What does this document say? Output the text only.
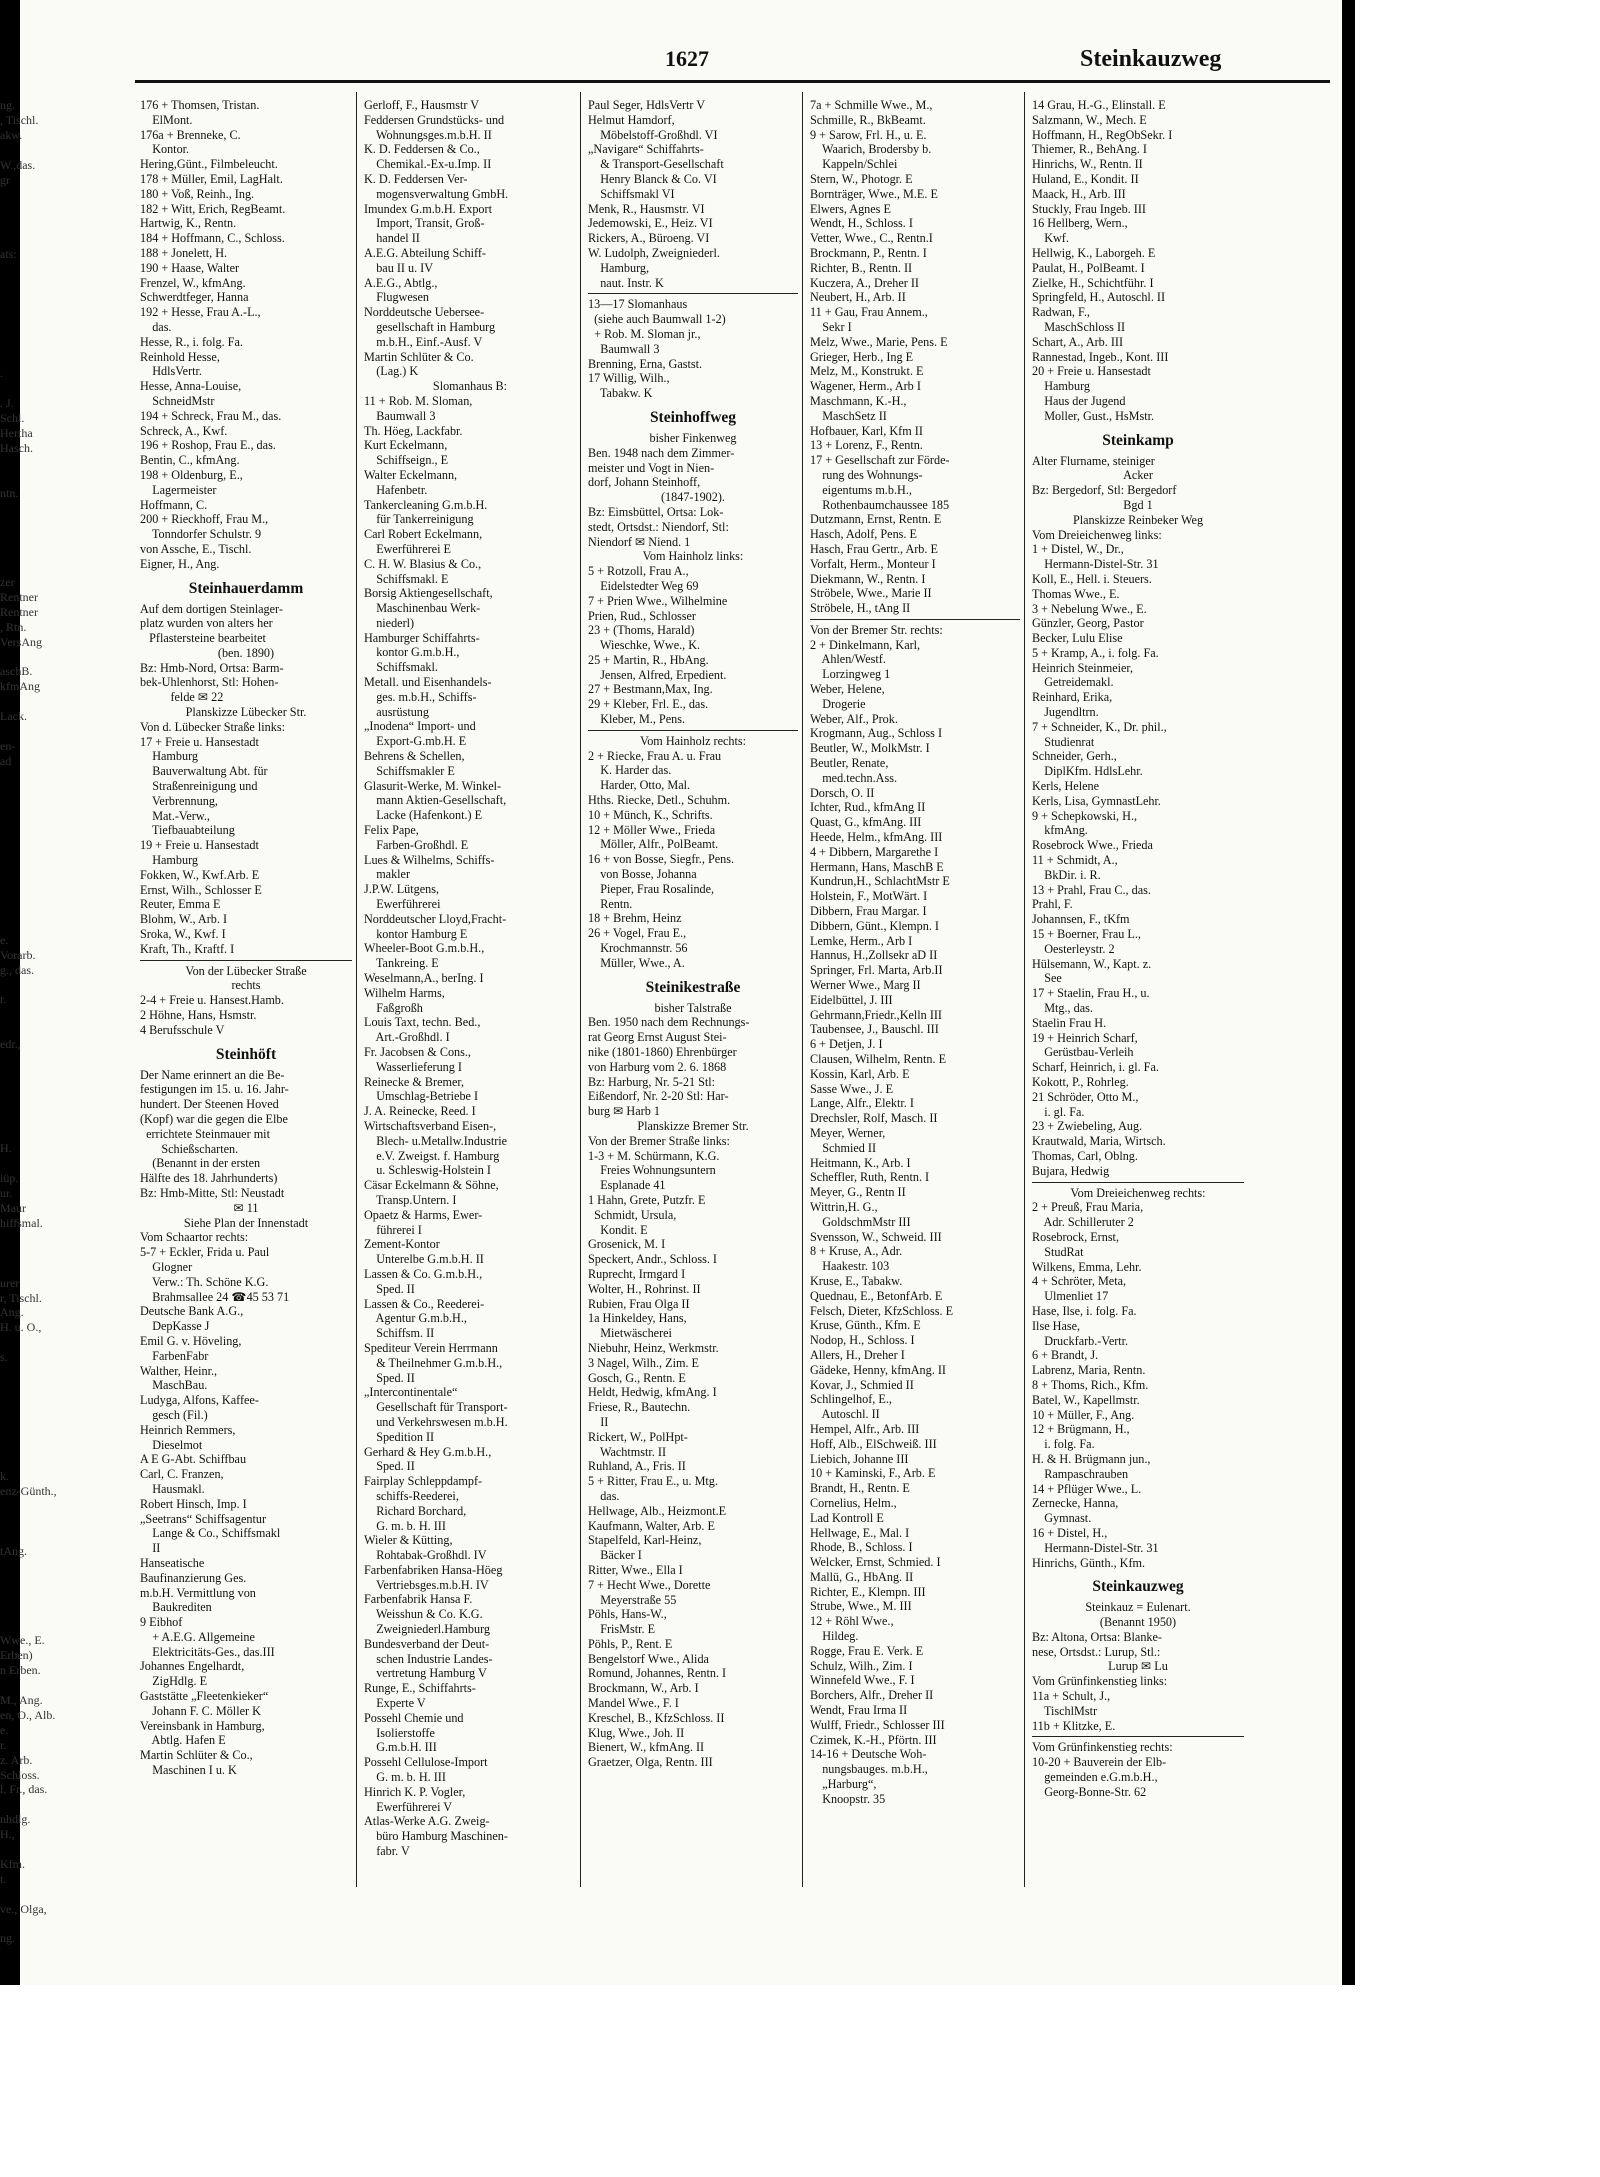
1627	Steinkauzweg
ng.
, Tischl.
akw.

W.,das.
gr

ats:

.

. J.
Schl.
Hertha
Hasch.

ntn.

zer
Rentner
Rentner
, Rtn.
VersAng

aschB.
kfmAng

Lack.

en-
ad

e.
Vorarb.
g., das.

r.

edr.,

H.

iüp.
ur.
Maur
hiffsmal.

urer
r, Tischl.
Ang.
H. u. O.,

s.

k.
enz-Günth.,

tAng.

Wwe., E.
Erben)
n Erben.

M., Ang.
en, O., Alb.
e.
r.
z. Arb.
Schloss.
l. Fr., das.

nhdlg.
H.,

Kfm.
t.

ve., Olga,

ng.
176 + Thomsen, Tristan.
ElMont.
176a + Brenneke, C.
Kontor.
Hering,Günt., Filmbeleucht.
178 + Müller, Emil, LagHalt.
180 + Voß, Reinh., Ing.
182 + Witt, Erich, RegBeamt.
Hartwig, K., Rentn.
184 + Hoffmann, C., Schloss.
188 + Jonelett, H.
190 + Haase, Walter
Frenzel, W., kfmAng.
Schwerdtfeger, Hanna
192 + Hesse, Frau A.-L.,
das.
Hesse, R., i. folg. Fa.
Reinhold Hesse,
HdlsVertr.
Hesse, Anna-Louise,
SchneidMstr
194 + Schreck, Frau M., das.
Schreck, A., Kwf.
196 + Roshop, Frau E., das.
Bentin, C., kfmAng.
198 + Oldenburg, E.,
Lagermeister
Hoffmann, C.
200 + Rieckhoff, Frau M.,
Tonndorfer Schulstr. 9
von Assche, E., Tischl.
Eigner, H., Ang.
Steinhauerdamm
Auf dem dortigen Steinlager-
platz wurden von alters her
Pflastersteine bearbeitet
(ben. 1890)
Bz: Hmb-Nord, Ortsa: Barm-
bek-Uhlenhorst, Stl: Hohen-
felde ✉ 22
Planskizze Lübecker Str.
Von d. Lübecker Straße links:
17 + Freie u. Hansestadt
Hamburg
Bauverwaltung Abt. für
Straßenreinigung und
Verbrennung,
Mat.-Verw.,
Tiefbauabteilung
19 + Freie u. Hansestadt
Hamburg
Fokken, W., Kwf.Arb. E
Ernst, Wilh., Schlosser E
Reuter, Emma E
Blohm, W., Arb. I
Sroka, W., Kwf. I
Kraft, Th., Kraftf. I
Von der Lübecker Straße
rechts
2-4 + Freie u. Hansest.Hamb.
2 Höhne, Hans, Hsmstr.
4 Berufsschule V
Steinhöft
Der Name erinnert an die Be-
festigungen im 15. u. 16. Jahr-
hundert. Der Steenen Hoved
(Kopf) war die gegen die Elbe
errichtete Steinmauer mit
Schießscharten.
(Benannt in der ersten
Hälfte des 18. Jahrhunderts)
Bz: Hmb-Mitte, Stl: Neustadt
✉ 11
Siehe Plan der Innenstadt
Vom Schaartor rechts:
5-7 + Eckler, Frida u. Paul
Glogner
Verw.: Th. Schöne K.G.
Brahmsallee 24 ☎45 53 71
Deutsche Bank A.G.,
DepKasse J
Emil G. v. Höveling,
FarbenFabr
Walther, Heinr.,
MaschBau.
Ludyga, Alfons, Kaffee-
gesch (Fil.)
Heinrich Remmers,
Dieselmot
A E G-Abt. Schiffbau
Carl, C. Franzen,
Hausmakl.
Robert Hinsch, Imp. I
„Seetrans“ Schiffsagentur
Lange & Co., Schiffsmakl
II
Hanseatische
Baufinanzierung Ges.
m.b.H. Vermittlung von
Baukrediten
9 Eibhof
+ A.E.G. Allgemeine
Elektricitäts-Ges., das.III
Johannes Engelhardt,
ZigHdlg. E
Gaststätte „Fleetenkieker“
Johann F. C. Möller K
Vereinsbank in Hamburg,
Abtlg. Hafen E
Martin Schlüter & Co.,
Maschinen I u. K
Gerloff, F., Hausmstr V
Feddersen Grundstücks- und
Wohnungsges.m.b.H. II
K. D. Feddersen & Co.,
Chemikal.-Ex-u.Imp. II
K. D. Feddersen Ver-
mogensverwaltung GmbH.
Imundex G.m.b.H. Export
Import, Transit, Groß-
handel II
A.E.G. Abteilung Schiff-
bau II u. IV
A.E.G., Abtlg.,
Flugwesen
Norddeutsche Uebersee-
gesellschaft in Hamburg
m.b.H., Einf.-Ausf. V
Martin Schlüter & Co.
(Lag.) K
Slomanhaus B:
11 + Rob. M. Sloman,
Baumwall 3
Th. Höeg, Lackfabr.
Kurt Eckelmann,
Schiffseign., E
Walter Eckelmann,
Hafenbetr.
Tankercleaning G.m.b.H.
für Tankerreinigung
Carl Robert Eckelmann,
Ewerführerei E
C. H. W. Blasius & Co.,
Schiffsmakl. E
Borsig Aktiengesellschaft,
Maschinenbau Werk-
niederl)
Hamburger Schiffahrts-
kontor G.m.b.H.,
Schiffsmakl.
Metall. und Eisenhandels-
ges. m.b.H., Schiffs-
ausrüstung
„Inodena“ Import- und
Export-G.mb.H. E
Behrens & Schellen,
Schiffsmakler E
Glasurit-Werke, M. Winkel-
mann Aktien-Gesellschaft,
Lacke (Hafenkont.) E
Felix Pape,
Farben-Großhdl. E
Lues & Wilhelms, Schiffs-
makler
J.P.W. Lütgens,
Ewerführerei
Norddeutscher Lloyd,Fracht-
kontor Hamburg E
Wheeler-Boot G.m.b.H.,
Tankreing. E
Weselmann,A., berIng. I
Wilhelm Harms,
Faßgroßh
Louis Taxt, techn. Bed.,
Art.-Großhdl. I
Fr. Jacobsen & Cons.,
Wasserlieferung I
Reinecke & Bremer,
Umschlag-Betriebe I
J. A. Reinecke, Reed. I
Wirtschaftsverband Eisen-,
Blech- u.Metallw.Industrie
e.V. Zweigst. f. Hamburg
u. Schleswig-Holstein I
Cäsar Eckelmann & Söhne,
Transp.Untern. I
Opaetz & Harms, Ewer-
führerei I
Zement-Kontor
Unterelbe G.m.b.H. II
Lassen & Co. G.m.b.H.,
Sped. II
Lassen & Co., Reederei-
Agentur G.m.b.H.,
Schiffsm. II
Spediteur Verein Herrmann
& Theilnehmer G.m.b.H.,
Sped. II
„Intercontinentale“
Gesellschaft für Transport-
und Verkehrswesen m.b.H.
Spedition II
Gerhard & Hey G.m.b.H.,
Sped. II
Fairplay Schleppdampf-
schiffs-Reederei,
Richard Borchard,
G. m. b. H. III
Wieler & Kütting,
Rohtabak-Großhdl. IV
Farbenfabriken Hansa-Höeg
Vertriebsges.m.b.H. IV
Farbenfabrik Hansa F.
Weisshun & Co. K.G.
Zweigniederl.Hamburg
Bundesverband der Deut-
schen Industrie Landes-
vertretung Hamburg V
Runge, E., Schiffahrts-
Experte V
Possehl Chemie und
Isolierstoffe
G.m.b.H. III
Possehl Cellulose-Import
G. m. b. H. III
Hinrich K. P. Vogler,
Ewerführerei V
Atlas-Werke A.G. Zweig-
büro Hamburg Maschinen-
fabr. V
Paul Seger, HdlsVertr V
Helmut Hamdorf,
Möbelstoff-Großhdl. VI
„Navigare“ Schiffahrts-
& Transport-Gesellschaft
Henry Blanck & Co. VI
Schiffsmakl VI
Menk, R., Hausmstr. VI
Jedemowski, E., Heiz. VI
Rickers, A., Büroeng. VI
W. Ludolph, Zweigniederl.
Hamburg,
naut. Instr. K
13—17 Slomanhaus
(siehe auch Baumwall 1-2)
+ Rob. M. Sloman jr.,
Baumwall 3
Brenning, Erna, Gastst.
17 Willig, Wilh.,
Tabakw. K
Steinhoffweg
bisher Finkenweg
Ben. 1948 nach dem Zimmer-
meister und Vogt in Nien-
dorf, Johann Steinhoff,
(1847-1902).
Bz: Eimsbüttel, Ortsa: Lok-
stedt, Ortsdst.: Niendorf, Stl:
Niendorf ✉ Niend. 1
Vom Hainholz links:
5 + Rotzoll, Frau A.,
Eidelstedter Weg 69
7 + Prien Wwe., Wilhelmine
Prien, Rud., Schlosser
23 + (Thoms, Harald)
Wieschke, Wwe., K.
25 + Martin, R., HbAng.
Jensen, Alfred, Erpedient.
27 + Bestmann,Max, Ing.
29 + Kleber, Frl. E., das.
Kleber, M., Pens.
Vom Hainholz rechts:
2 + Riecke, Frau A. u. Frau
K. Harder das.
Harder, Otto, Mal.
Hths. Riecke, Detl., Schuhm.
10 + Münch, K., Schrifts.
12 + Möller Wwe., Frieda
Möller, Alfr., PolBeamt.
16 + von Bosse, Siegfr., Pens.
von Bosse, Johanna
Pieper, Frau Rosalinde,
Rentn.
18 + Brehm, Heinz
26 + Vogel, Frau E.,
Krochmannstr. 56
Müller, Wwe., A.
Steinikestraße
bisher Talstraße
Ben. 1950 nach dem Rechnungs-
rat Georg Ernst August Stei-
nike (1801-1860) Ehrenbürger
von Harburg vom 2. 6. 1868
Bz: Harburg, Nr. 5-21 Stl:
Eißendorf, Nr. 2-20 Stl: Har-
burg ✉ Harb 1
Planskizze Bremer Str.
Von der Bremer Straße links:
1-3 + M. Schürmann, K.G.
Freies Wohnungsuntern
Esplanade 41
1 Hahn, Grete, Putzfr. E
Schmidt, Ursula,
Kondit. E
Grosenick, M. I
Speckert, Andr., Schloss. I
Ruprecht, Irmgard I
Wolter, H., Rohrinst. II
Rubien, Frau Olga II
1a Hinkeldey, Hans,
Mietwäscherei
Niebuhr, Heinz, Werkmstr.
3 Nagel, Wilh., Zim. E
Gosch, G., Rentn. E
Heldt, Hedwig, kfmAng. I
Friese, R., Bautechn.
II
Rickert, W., PolHpt-
Wachtmstr. II
Ruhland, A., Fris. II
5 + Ritter, Frau E., u. Mtg.
das.
Hellwage, Alb., Heizmont.E
Kaufmann, Walter, Arb. E
Stapelfeld, Karl-Heinz,
Bäcker I
Ritter, Wwe., Ella I
7 + Hecht Wwe., Dorette
Meyerstraße 55
Pöhls, Hans-W.,
FrisMstr. E
Pöhls, P., Rent. E
Bengelstorf Wwe., Alida
Romund, Johannes, Rentn. I
Brockmann, W., Arb. I
Mandel Wwe., F. I
Kreschel, B., KfzSchloss. II
Klug, Wwe., Joh. II
Bienert, W., kfmAng. II
Graetzer, Olga, Rentn. III
7a + Schmille Wwe., M.,
Schmille, R., BkBeamt.
9 + Sarow, Frl. H., u. E.
Waarich, Brodersby b.
Kappeln/Schlei
Stern, W., Photogr. E
Bornträger, Wwe., M.E. E
Elwers, Agnes E
Wendt, H., Schloss. I
Vetter, Wwe., C., Rentn.I
Brockmann, P., Rentn. I
Richter, B., Rentn. II
Kuczera, A., Dreher II
Neubert, H., Arb. II
11 + Gau, Frau Annem.,
Sekr I
Melz, Wwe., Marie, Pens. E
Grieger, Herb., Ing E
Melz, M., Konstrukt. E
Wagener, Herm., Arb I
Maschmann, K.-H.,
MaschSetz II
Hofbauer, Karl, Kfm II
13 + Lorenz, F., Rentn.
17 + Gesellschaft zur Förde-
rung des Wohnungs-
eigentums m.b.H.,
Rothenbaumchaussee 185
Dutzmann, Ernst, Rentn. E
Hasch, Adolf, Pens. E
Hasch, Frau Gertr., Arb. E
Vorfalt, Herm., Monteur I
Diekmann, W., Rentn. I
Ströbele, Wwe., Marie II
Ströbele, H., tAng II
Von der Bremer Str. rechts:
2 + Dinkelmann, Karl,
Ahlen/Westf.
Lorzingweg 1
Weber, Helene,
Drogerie
Weber, Alf., Prok.
Krogmann, Aug., Schloss I
Beutler, W., MolkMstr. I
Beutler, Renate,
med.techn.Ass.
Dorsch, O. II
Ichter, Rud., kfmAng II
Quast, G., kfmAng. III
Heede, Helm., kfmAng. III
4 + Dibbern, Margarethe I
Hermann, Hans, MaschB E
Kundrun,H., SchlachtMstr E
Holstein, F., MotWärt. I
Dibbern, Frau Margar. I
Dibbern, Günt., Klempn. I
Lemke, Herm., Arb I
Hannus, H.,Zollsekr aD II
Springer, Frl. Marta, Arb.II
Werner Wwe., Marg II
Eidelbüttel, J. III
Gehrmann,Friedr.,Kelln III
Taubensee, J., Bauschl. III
6 + Detjen, J. I
Clausen, Wilhelm, Rentn. E
Kossin, Karl, Arb. E
Sasse Wwe., J. E
Lange, Alfr., Elektr. I
Drechsler, Rolf, Masch. II
Meyer, Werner,
Schmied II
Heitmann, K., Arb. I
Scheffler, Ruth, Rentn. I
Meyer, G., Rentn II
Wittrin,H. G.,
GoldschmMstr III
Svensson, W., Schweid. III
8 + Kruse, A., Adr.
Haakestr. 103
Kruse, E., Tabakw.
Quednau, E., BetonfArb. E
Felsch, Dieter, KfzSchloss. E
Kruse, Günth., Kfm. E
Nodop, H., Schloss. I
Allers, H., Dreher I
Gädeke, Henny, kfmAng. II
Kovar, J., Schmied II
Schlingelhof, E.,
Autoschl. II
Hempel, Alfr., Arb. III
Hoff, Alb., ElSchweiß. III
Liebich, Johanne III
10 + Kaminski, F., Arb. E
Brandt, H., Rentn. E
Cornelius, Helm.,
Lad Kontroll E
Hellwage, E., Mal. I
Rhode, B., Schloss. I
Welcker, Ernst, Schmied. I
Mallü, G., HbAng. II
Richter, E., Klempn. III
Strube, Wwe., M. III
12 + Röhl Wwe.,
Hildeg.
Rogge, Frau E. Verk. E
Schulz, Wilh., Zim. I
Winnefeld Wwe., F. I
Borchers, Alfr., Dreher II
Wendt, Frau Irma II
Wulff, Friedr., Schlosser III
Czimek, K.-H., Pförtn. III
14-16 + Deutsche Woh-
nungsbauges. m.b.H.,
„Harburg“,
Knoopstr. 35
14 Grau, H.-G., Elinstall. E
Salzmann, W., Mech. E
Hoffmann, H., RegObSekr. I
Thiemer, R., BehAng. I
Hinrichs, W., Rentn. II
Huland, E., Kondit. II
Maack, H., Arb. III
Stuckly, Frau Ingeb. III
16 Hellberg, Wern.,
Kwf.
Hellwig, K., Laborgeh. E
Paulat, H., PolBeamt. I
Zielke, H., Schichtführ. I
Springfeld, H., Autoschl. II
Radwan, F.,
MaschSchloss II
Schart, A., Arb. III
Rannestad, Ingeb., Kont. III
20 + Freie u. Hansestadt
Hamburg
Haus der Jugend
Moller, Gust., HsMstr.
Steinkamp
Alter Flurname, steiniger
Acker
Bz: Bergedorf, Stl: Bergedorf
Bgd 1
Planskizze Reinbeker Weg
Vom Dreieichenweg links:
1 + Distel, W., Dr.,
Hermann-Distel-Str. 31
Koll, E., Hell. i. Steuers.
Thomas Wwe., E.
3 + Nebelung Wwe., E.
Günzler, Georg, Pastor
Becker, Lulu Elise
5 + Kramp, A., i. folg. Fa.
Heinrich Steinmeier,
Getreidemakl.
Reinhard, Erika,
Jugendltrn.
7 + Schneider, K., Dr. phil.,
Studienrat
Schneider, Gerh.,
DiplKfm. HdlsLehr.
Kerls, Helene
Kerls, Lisa, GymnastLehr.
9 + Schepkowski, H.,
kfmAng.
Rosebrock Wwe., Frieda
11 + Schmidt, A.,
BkDir. i. R.
13 + Prahl, Frau C., das.
Prahl, F.
Johannsen, F., tKfm
15 + Boerner, Frau L.,
Oesterleystr. 2
Hülsemann, W., Kapt. z.
See
17 + Staelin, Frau H., u.
Mtg., das.
Staelin Frau H.
19 + Heinrich Scharf,
Gerüstbau-Verleih
Scharf, Heinrich, i. gl. Fa.
Kokott, P., Rohrleg.
21 Schröder, Otto M.,
i. gl. Fa.
23 + Zwiebeling, Aug.
Krautwald, Maria, Wirtsch.
Thomas, Carl, Oblng.
Bujara, Hedwig
Vom Dreieichenweg rechts:
2 + Preuß, Frau Maria,
Adr. Schilleruter 2
Rosebrock, Ernst,
StudRat
Wilkens, Emma, Lehr.
4 + Schröter, Meta,
Ulmenliet 17
Hase, Ilse, i. folg. Fa.
Ilse Hase,
Druckfarb.-Vertr.
6 + Brandt, J.
Labrenz, Maria, Rentn.
8 + Thoms, Rich., Kfm.
Batel, W., Kapellmstr.
10 + Müller, F., Ang.
12 + Brügmann, H.,
i. folg. Fa.
H. & H. Brügmann jun.,
Rampaschrauben
14 + Pflüger Wwe., L.
Zernecke, Hanna,
Gymnast.
16 + Distel, H.,
Hermann-Distel-Str. 31
Hinrichs, Günth., Kfm.
Steinkauzweg
Steinkauz = Eulenart.
(Benannt 1950)
Bz: Altona, Ortsa: Blanke-
nese, Ortsdst.: Lurup, Stl.:
Lurup ✉ Lu
Vom Grünfinkenstieg links:
11a + Schult, J.,
TischlMstr
11b + Klitzke, E.
Vom Grünfinkenstieg rechts:
10-20 + Bauverein der Elb-
gemeinden e.G.m.b.H.,
Georg-Bonne-Str. 62
